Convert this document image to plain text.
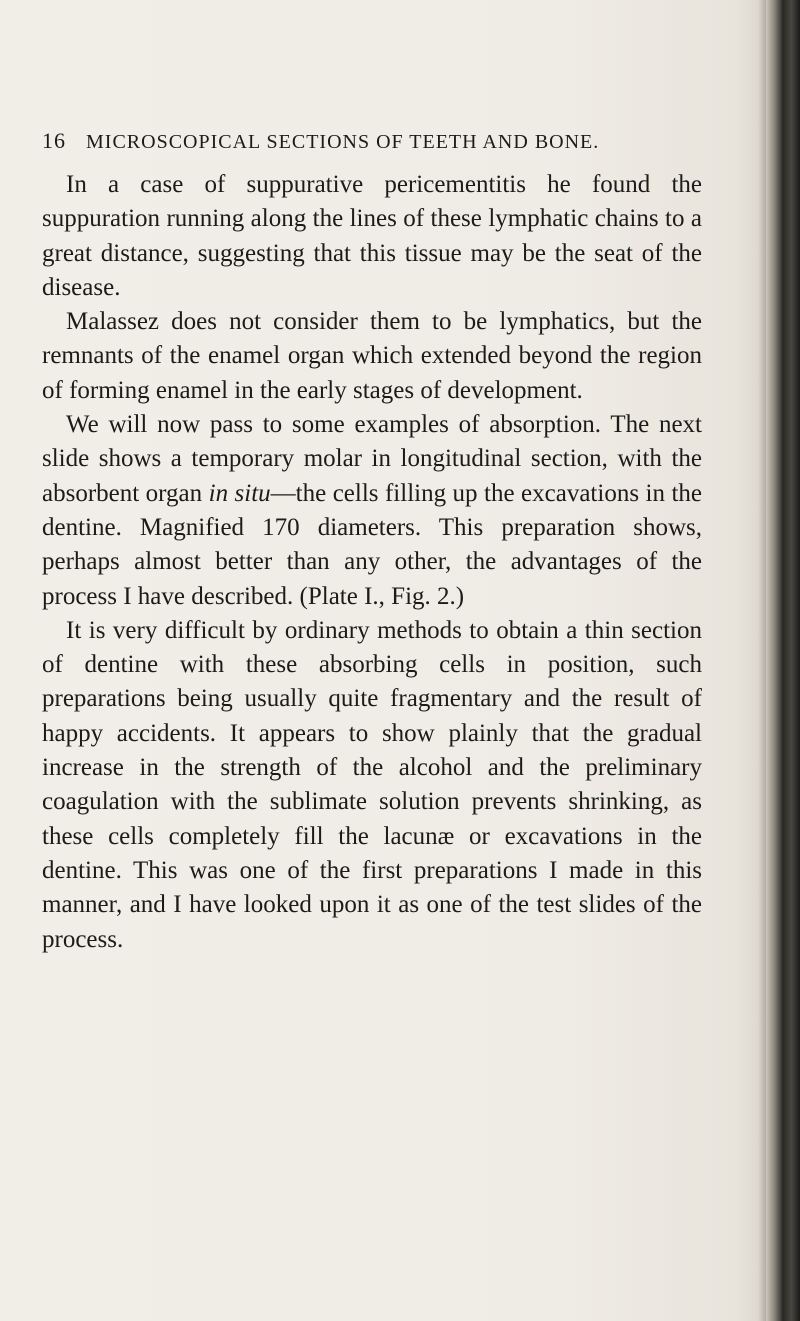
16 MICROSCOPICAL SECTIONS OF TEETH AND BONE.

In a case of suppurative pericementitis he found the suppuration running along the lines of these lymphatic chains to a great distance, suggesting that this tissue may be the seat of the disease.

Malassez does not consider them to be lymphatics, but the remnants of the enamel organ which extended beyond the region of forming enamel in the early stages of development.

We will now pass to some examples of absorption. The next slide shows a temporary molar in longitudinal section, with the absorbent organ in situ—the cells filling up the excavations in the dentine. Magnified 170 diameters. This preparation shows, perhaps almost better than any other, the advantages of the process I have described. (Plate I., Fig. 2.)

It is very difficult by ordinary methods to obtain a thin section of dentine with these absorbing cells in position, such preparations being usually quite fragmentary and the result of happy accidents. It appears to show plainly that the gradual increase in the strength of the alcohol and the preliminary coagulation with the sublimate solution prevents shrinking, as these cells completely fill the lacunæ or excavations in the dentine. This was one of the first preparations I made in this manner, and I have looked upon it as one of the test slides of the process.
